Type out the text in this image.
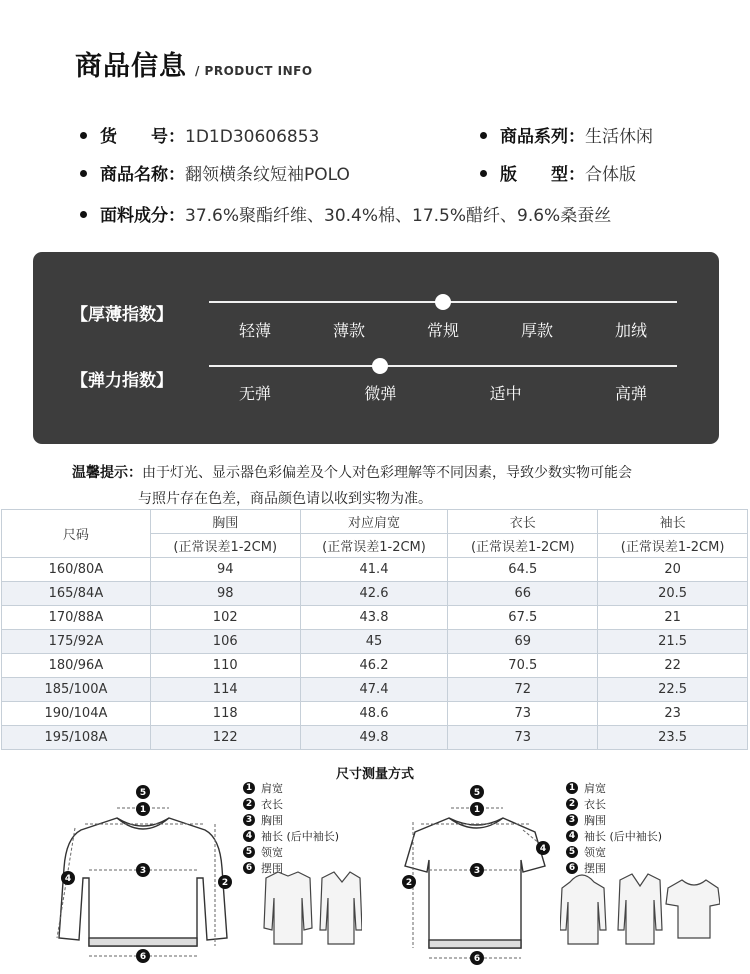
商品信息 / PRODUCT INFO
货　　号：1D1D30606853	商品系列：生活休闲
商品名称：翻领横条纹短袖POLO	版　　型：合体版
面料成分：37.6%聚酯纤维、30.4%棉、17.5%醋纤、9.6%桑蚕丝
【厚薄指数】
轻薄	薄款	常规	厚款	加绒
【弹力指数】
无弹	微弹	适中	高弹
温馨提示：由于灯光、显示器色彩偏差及个人对色彩理解等不同因素，导致少数实物可能会
与照片存在色差，商品颜色请以收到实物为准。
尺码	胸围	对应肩宽	衣长	袖长
	(正常误差1-2CM)	(正常误差1-2CM)	(正常误差1-2CM)	(正常误差1-2CM)
160/80A	94	41.4	64.5	20
165/84A	98	42.6	66	20.5
170/88A	102	43.8	67.5	21
175/92A	106	45	69	21.5
180/96A	110	46.2	70.5	22
185/100A	114	47.4	72	22.5
190/104A	118	48.6	73	23
195/108A	122	49.8	73	23.5
尺寸测量方式
1 肩宽
2 衣长
3 胸围
4 袖长 (后中袖长)
5 领宽
6 摆围
1 肩宽
2 衣长
3 胸围
4 袖长 (后中袖长)
5 领宽
6 摆围
5
1
3
2
4
6
5
1
3
4
2
6
